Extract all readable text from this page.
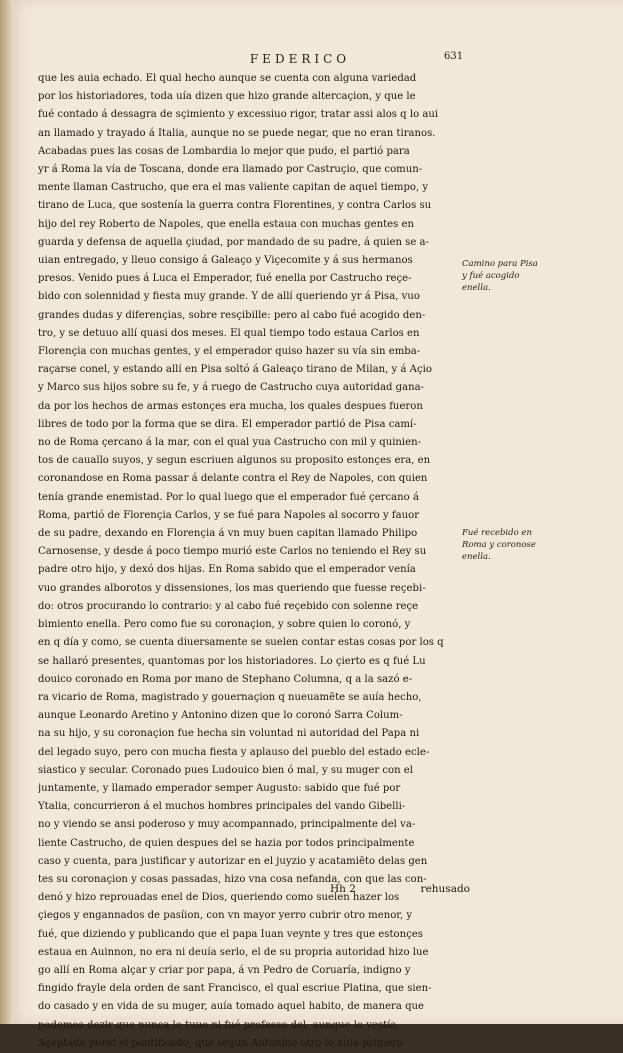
FEDERICO	631
que les auia echado. El qual hecho aunque se cuenta con alguna variedad
por los historiadores, toda uía dizen que hizo grande altercaçion, y que le
fué contado á dessagra de sçimiento y excessiuo rigor, tratar assi alos q lo aui
an llamado y trayado á Italia, aunque no se puede negar, que no eran tiranos.
Acabadas pues las cosas de Lombardia lo mejor que pudo, el partió para
yr á Roma la vía de Toscana, donde era llamado por Castruçio, que comun-
mente llaman Castrucho, que era el mas valiente capitan de aquel tiempo, y
tirano de Luca, que sostenía la guerra contra Florentines, y contra Carlos su
hijo del rey Roberto de Napoles, que enella estaua con muchas gentes en
guarda y defensa de aquella çiudad, por mandado de su padre, á quien se a-
uian entregado, y lleuo consigo á Galeaço y Viçecomite y á sus hermanos
presos. Venido pues á Luca el Emperador, fué enella por Castrucho reçe-
bido con solennidad y fiesta muy grande. Y de allí queriendo yr á Pisa, vuo
grandes dudas y diferençias, sobre resçibille: pero al cabo fué acogido den-
tro, y se detuuo allí quasi dos meses. El qual tiempo todo estaua Carlos en
Florençia con muchas gentes, y el emperador quiso hazer su vía sin emba-
raçarse conel, y estando allí en Pisa soltó á Galeaço tirano de Milan, y á Açio
y Marco sus hijos sobre su fe, y á ruego de Castrucho cuya autoridad gana-
da por los hechos de armas estonçes era mucha, los quales despues fueron
libres de todo por la forma que se dira. El emperador partió de Pisa camí-
no de Roma çercano á la mar, con el qual yua Castrucho con mil y quinien-
tos de cauallo suyos, y segun escriuen algunos su proposito estonçes era, en
coronandose en Roma passar á delante contra el Rey de Napoles, con quien
tenía grande enemistad. Por lo qual luego que el emperador fué çercano á
Roma, partió de Florençia Carlos, y se fué para Napoles al socorro y fauor
de su padre, dexando en Florençia á vn muy buen capitan llamado Philipo
Carnosense, y desde á poco tiempo murió este Carlos no teniendo el Rey su
padre otro hijo, y dexó dos hijas. En Roma sabido que el emperador venía
vuo grandes alborotos y dissensiones, los mas queriendo que fuesse reçebi-
do: otros procurando lo contrario: y al cabo fué reçebido con solenne reçe
bimiento enella. Pero como fue su coronaçion, y sobre quien lo coronó, y
en q día y como, se cuenta diuersamente se suelen contar estas cosas por los q
se hallaró presentes, quantomas por los historiadores. Lo çierto es q fué Lu
douico coronado en Roma por mano de Stephano Columna, q a la sazó e-
ra vicario de Roma, magistrado y gouernaçion q nueuamēte se auía hecho,
aunque Leonardo Aretino y Antonino dizen que lo coronó Sarra Colum-
na su hijo, y su coronaçion fue hecha sin voluntad ni autoridad del Papa ni
del legado suyo, pero con mucha fiesta y aplauso del pueblo del estado ecle-
siastico y secular. Coronado pues Ludouico bien ó mal, y su muger con el
juntamente, y llamado emperador semper Augusto: sabido que fué por
Ytalia, concurrieron á el muchos hombres principales del vando Gibelli-
no y viendo se ansi poderoso y muy acompannado, principalmente del va-
liente Castrucho, de quien despues del se hazia por todos principalmente
caso y cuenta, para justificar y autorizar en el juyzio y acatamiēto delas gen
tes su coronaçion y cosas passadas, hizo vna cosa nefanda, con que las con-
denó y hizo reprouadas enel de Dios, queriendo como suelen hazer los
çiegos y engannados de pasíion, con vn mayor yerro cubrir otro menor, y
fué, que diziendo y publicando que el papa Iuan veynte y tres que estonçes
estaua en Auinnon, no era ni deuía serlo, el de su propria autoridad hizo lue
go allí en Roma alçar y criar por papa, á vn Pedro de Coruaría, indigno y
fingido frayle dela orden de sant Francisco, el qual escriue Platina, que sien-
do casado y en vida de su muger, auía tomado aquel habito, de manera que
podemos dezir que nunca lo tuuo ni fué professo del, aunque lo vestía.
Açeptado porel el pontificado, que segun Antonino otro lo auía primero
Camino para Pisa y fué acogido enella.
Fué recebido en Roma y coronose enella.
Hh 2	rehusado
